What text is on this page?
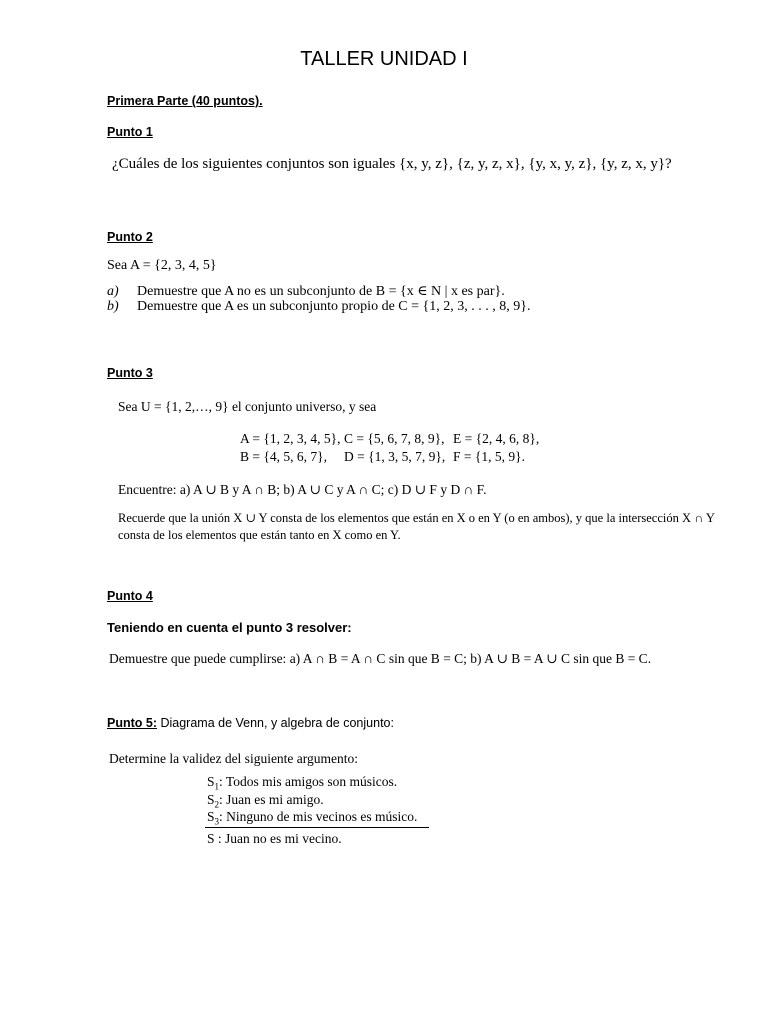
TALLER UNIDAD I
Primera Parte (40 puntos).
Punto 1
¿Cuáles de los siguientes conjuntos son iguales {x, y, z}, {z, y, z, x}, {y, x, y, z}, {y, z, x, y}?
Punto 2
Sea A = {2, 3, 4, 5}
a) Demuestre que A no es un subconjunto de B = {x ∈ N | x es par}.
b) Demuestre que A es un subconjunto propio de C = {1, 2, 3, . . . , 8, 9}.
Punto 3
Sea U = {1, 2,…, 9} el conjunto universo, y sea
A = {1, 2, 3, 4, 5}, C = {5, 6, 7, 8, 9}, E = {2, 4, 6, 8},
B = {4, 5, 6, 7},	D = {1, 3, 5, 7, 9}, F = {1, 5, 9}.
Encuentre: a) A ∪ B y A ∩ B; b) A ∪ C y A ∩ C; c) D ∪ F y D ∩ F.
Recuerde que la unión X ∪ Y consta de los elementos que están en X o en Y (o en ambos), y que la intersección X ∩ Y
consta de los elementos que están tanto en X como en Y.
Punto 4
Teniendo en cuenta el punto 3 resolver:
Demuestre que puede cumplirse: a) A ∩ B = A ∩ C sin que B = C; b) A ∪ B = A ∪ C sin que B = C.
Punto 5: Diagrama de Venn, y algebra de conjunto:
Determine la validez del siguiente argumento:
$S_1$: Todos mis amigos son músicos.
$S_2$: Juan es mi amigo.
$S_3$: Ninguno de mis vecinos es músico.
S : Juan no es mi vecino.
